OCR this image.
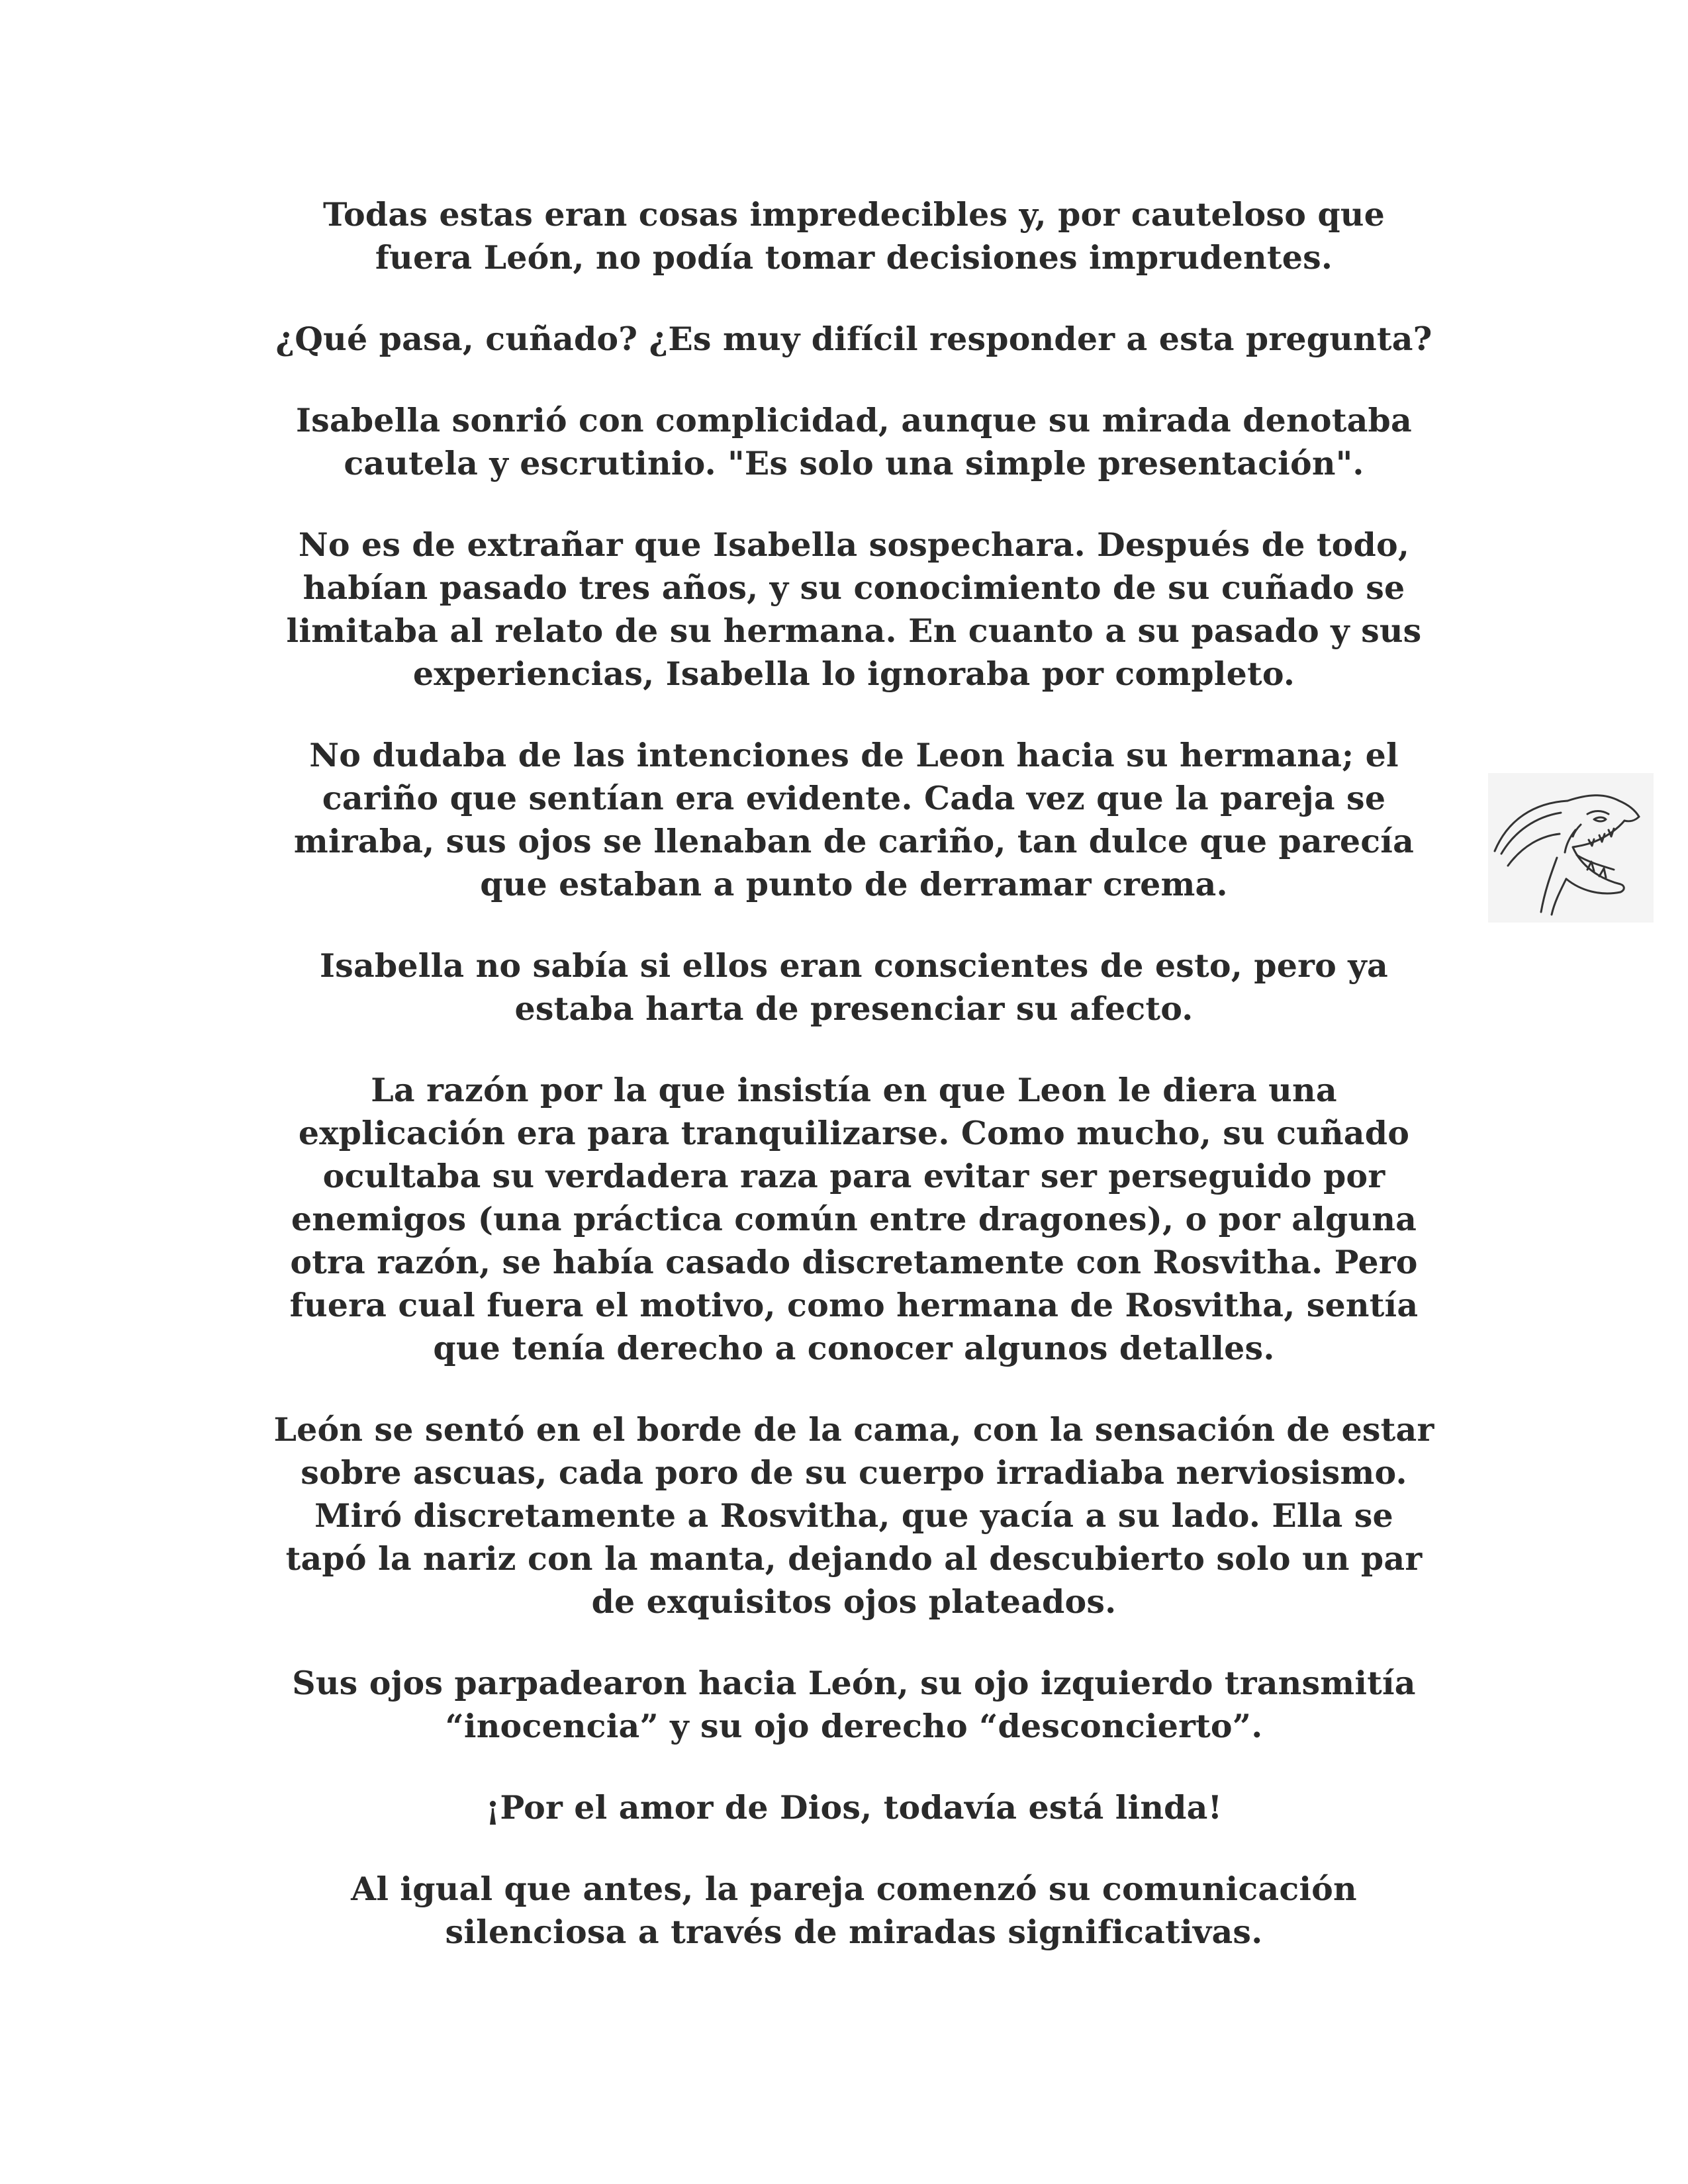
Todas estas eran cosas impredecibles y, por cauteloso que
fuera León, no podía tomar decisiones imprudentes.

¿Qué pasa, cuñado? ¿Es muy difícil responder a esta pregunta?

Isabella sonrió con complicidad, aunque su mirada denotaba
cautela y escrutinio. "Es solo una simple presentación".

No es de extrañar que Isabella sospechara. Después de todo,
habían pasado tres años, y su conocimiento de su cuñado se
limitaba al relato de su hermana. En cuanto a su pasado y sus
experiencias, Isabella lo ignoraba por completo.

No dudaba de las intenciones de Leon hacia su hermana; el
cariño que sentían era evidente. Cada vez que la pareja se
miraba, sus ojos se llenaban de cariño, tan dulce que parecía
que estaban a punto de derramar crema.

Isabella no sabía si ellos eran conscientes de esto, pero ya
estaba harta de presenciar su afecto.

La razón por la que insistía en que Leon le diera una
explicación era para tranquilizarse. Como mucho, su cuñado
ocultaba su verdadera raza para evitar ser perseguido por
enemigos (una práctica común entre dragones), o por alguna
otra razón, se había casado discretamente con Rosvitha. Pero
fuera cual fuera el motivo, como hermana de Rosvitha, sentía
que tenía derecho a conocer algunos detalles.

León se sentó en el borde de la cama, con la sensación de estar
sobre ascuas, cada poro de su cuerpo irradiaba nerviosismo.
Miró discretamente a Rosvitha, que yacía a su lado. Ella se
tapó la nariz con la manta, dejando al descubierto solo un par
de exquisitos ojos plateados.

Sus ojos parpadearon hacia León, su ojo izquierdo transmitía
“inocencia” y su ojo derecho “desconcierto”.

¡Por el amor de Dios, todavía está linda!

Al igual que antes, la pareja comenzó su comunicación
silenciosa a través de miradas significativas.
